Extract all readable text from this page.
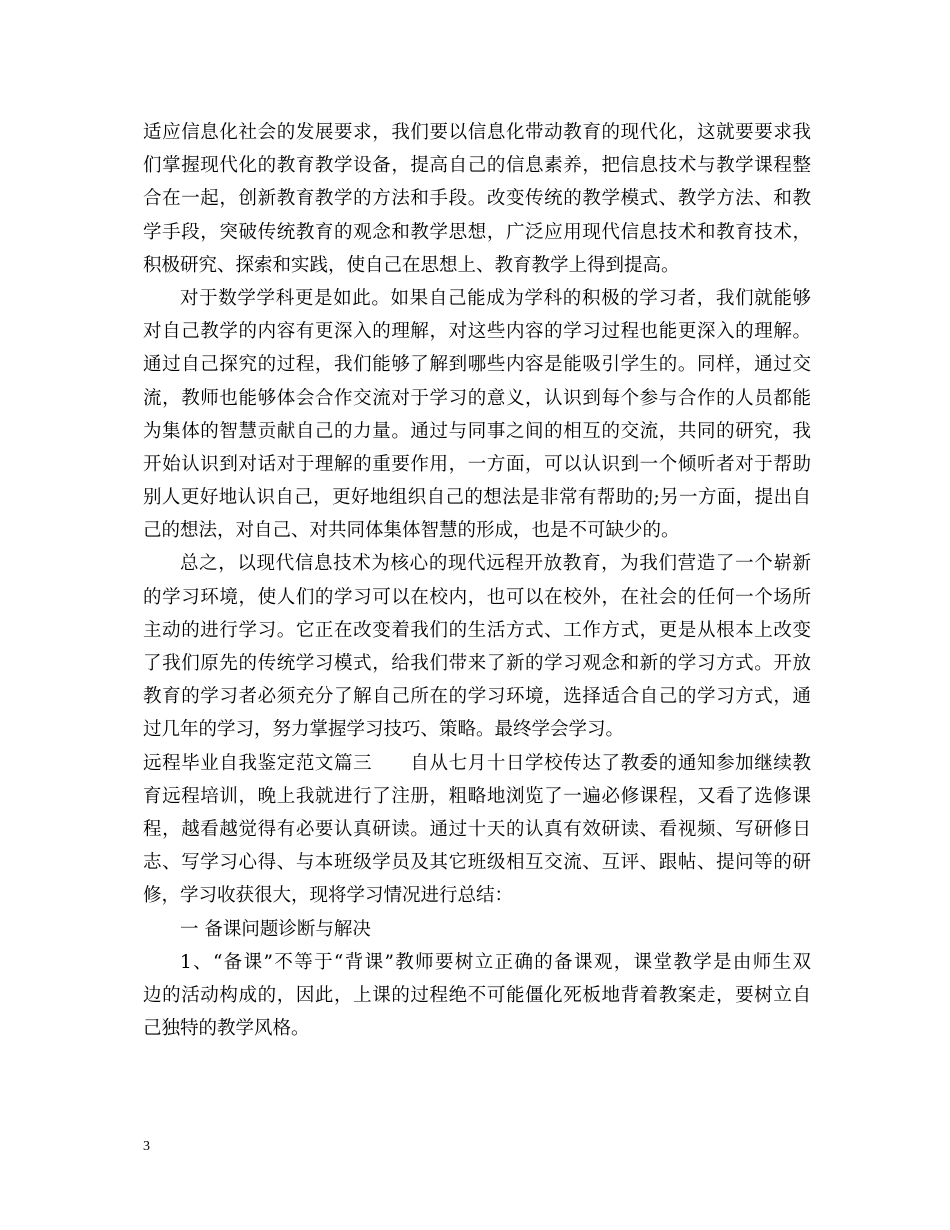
适应信息化社会的发展要求，我们要以信息化带动教育的现代化，这就要要求我
们掌握现代化的教育教学设备，提高自己的信息素养，把信息技术与教学课程整
合在一起，创新教育教学的方法和手段。改变传统的教学模式、教学方法、和教
学手段，突破传统教育的观念和教学思想，广泛应用现代信息技术和教育技术，
积极研究、探索和实践，使自己在思想上、教育教学上得到提高。
对于数学学科更是如此。如果自己能成为学科的积极的学习者，我们就能够
对自己教学的内容有更深入的理解，对这些内容的学习过程也能更深入的理解。
通过自己探究的过程，我们能够了解到哪些内容是能吸引学生的。同样，通过交
流，教师也能够体会合作交流对于学习的意义，认识到每个参与合作的人员都能
为集体的智慧贡献自己的力量。通过与同事之间的相互的交流，共同的研究，我
开始认识到对话对于理解的重要作用，一方面，可以认识到一个倾听者对于帮助
别人更好地认识自己，更好地组织自己的想法是非常有帮助的;另一方面，提出自
己的想法，对自己、对共同体集体智慧的形成，也是不可缺少的。
总之，以现代信息技术为核心的现代远程开放教育，为我们营造了一个崭新
的学习环境，使人们的学习可以在校内，也可以在校外，在社会的任何一个场所
主动的进行学习。它正在改变着我们的生活方式、工作方式，更是从根本上改变
了我们原先的传统学习模式，给我们带来了新的学习观念和新的学习方式。开放
教育的学习者必须充分了解自己所在的学习环境，选择适合自己的学习方式，通
过几年的学习，努力掌握学习技巧、策略。最终学会学习。
远程毕业自我鉴定范文篇三　　自从七月十日学校传达了教委的通知参加继续教
育远程培训，晚上我就进行了注册，粗略地浏览了一遍必修课程，又看了选修课
程，越看越觉得有必要认真研读。通过十天的认真有效研读、看视频、写研修日
志、写学习心得、与本班级学员及其它班级相互交流、互评、跟帖、提问等的研
修，学习收获很大，现将学习情况进行总结：
一 备课问题诊断与解决
1、“备课”不等于“背课”教师要树立正确的备课观，课堂教学是由师生双
边的活动构成的，因此，上课的过程绝不可能僵化死板地背着教案走，要树立自
己独特的教学风格。
3
